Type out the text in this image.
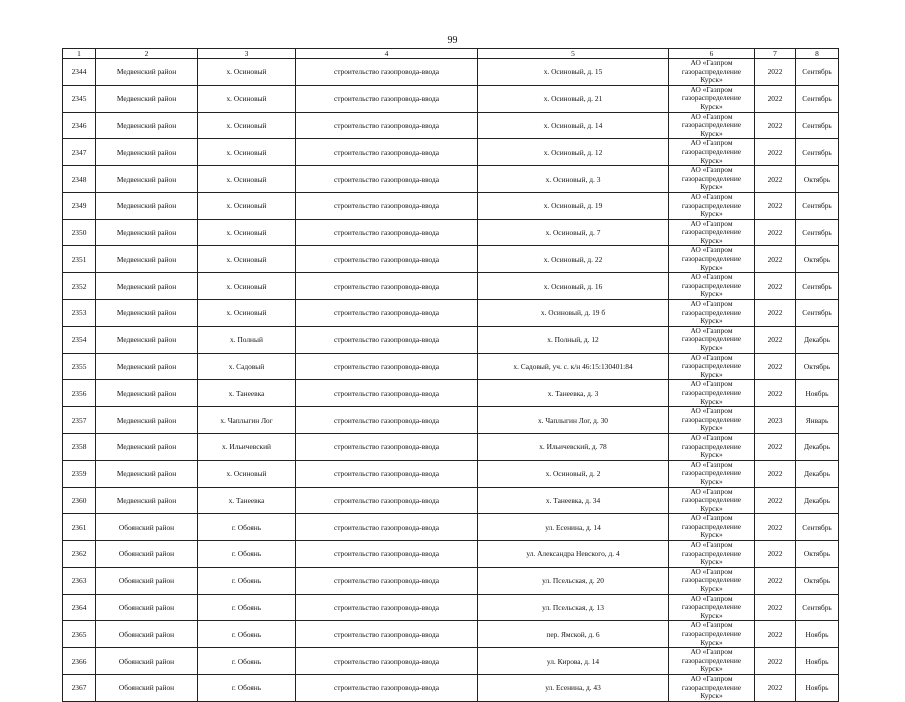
99
1	2	3	4	5	6	7	8
2344	Медвенский район	х. Осиновый	строительство газопровода-ввода	х. Осиновый, д. 15	АО «Газпром газораспределение Курск»	2022	Сентябрь
2345	Медвенский район	х. Осиновый	строительство газопровода-ввода	х. Осиновый, д. 21	АО «Газпром газораспределение Курск»	2022	Сентябрь
2346	Медвенский район	х. Осиновый	строительство газопровода-ввода	х. Осиновый, д. 14	АО «Газпром газораспределение Курск»	2022	Сентябрь
2347	Медвенский район	х. Осиновый	строительство газопровода-ввода	х. Осиновый, д. 12	АО «Газпром газораспределение Курск»	2022	Сентябрь
2348	Медвенский район	х. Осиновый	строительство газопровода-ввода	х. Осиновый, д. 3	АО «Газпром газораспределение Курск»	2022	Октябрь
2349	Медвенский район	х. Осиновый	строительство газопровода-ввода	х. Осиновый, д. 19	АО «Газпром газораспределение Курск»	2022	Сентябрь
2350	Медвенский район	х. Осиновый	строительство газопровода-ввода	х. Осиновый, д. 7	АО «Газпром газораспределение Курск»	2022	Сентябрь
2351	Медвенский район	х. Осиновый	строительство газопровода-ввода	х. Осиновый, д. 22	АО «Газпром газораспределение Курск»	2022	Октябрь
2352	Медвенский район	х. Осиновый	строительство газопровода-ввода	х. Осиновый, д. 16	АО «Газпром газораспределение Курск»	2022	Сентябрь
2353	Медвенский район	х. Осиновый	строительство газопровода-ввода	х. Осиновый, д. 19 б	АО «Газпром газораспределение Курск»	2022	Сентябрь
2354	Медвенский район	х. Полный	строительство газопровода-ввода	х. Полный, д. 12	АО «Газпром газораспределение Курск»	2022	Декабрь
2355	Медвенский район	х. Садовый	строительство газопровода-ввода	х. Садовый, уч. с. к/н 46:15:130401:84	АО «Газпром газораспределение Курск»	2022	Октябрь
2356	Медвенский район	х. Танеевка	строительство газопровода-ввода	х. Танеевка, д. 3	АО «Газпром газораспределение Курск»	2022	Ноябрь
2357	Медвенский район	х. Чаплыгин Лог	строительство газопровода-ввода	х. Чаплыгин Лог, д. 30	АО «Газпром газораспределение Курск»	2023	Январь
2358	Медвенский район	х. Ильичевский	строительство газопровода-ввода	х. Ильичевский, д. 78	АО «Газпром газораспределение Курск»	2022	Декабрь
2359	Медвенский район	х. Осиновый	строительство газопровода-ввода	х. Осиновый, д. 2	АО «Газпром газораспределение Курск»	2022	Декабрь
2360	Медвенский район	х. Танеевка	строительство газопровода-ввода	х. Танеевка, д. 34	АО «Газпром газораспределение Курск»	2022	Декабрь
2361	Обоянский район	г. Обоянь	строительство газопровода-ввода	ул. Есенина, д. 14	АО «Газпром газораспределение Курск»	2022	Сентябрь
2362	Обоянский район	г. Обоянь	строительство газопровода-ввода	ул. Александра Невского, д. 4	АО «Газпром газораспределение Курск»	2022	Октябрь
2363	Обоянский район	г. Обоянь	строительство газопровода-ввода	ул. Псельская, д. 20	АО «Газпром газораспределение Курск»	2022	Октябрь
2364	Обоянский район	г. Обоянь	строительство газопровода-ввода	ул. Псельская, д. 13	АО «Газпром газораспределение Курск»	2022	Сентябрь
2365	Обоянский район	г. Обоянь	строительство газопровода-ввода	пер. Ямской, д. 6	АО «Газпром газораспределение Курск»	2022	Ноябрь
2366	Обоянский район	г. Обоянь	строительство газопровода-ввода	ул. Кирова, д. 14	АО «Газпром газораспределение Курск»	2022	Ноябрь
2367	Обоянский район	г. Обоянь	строительство газопровода-ввода	ул. Есенина, д. 43	АО «Газпром газораспределение Курск»	2022	Ноябрь
